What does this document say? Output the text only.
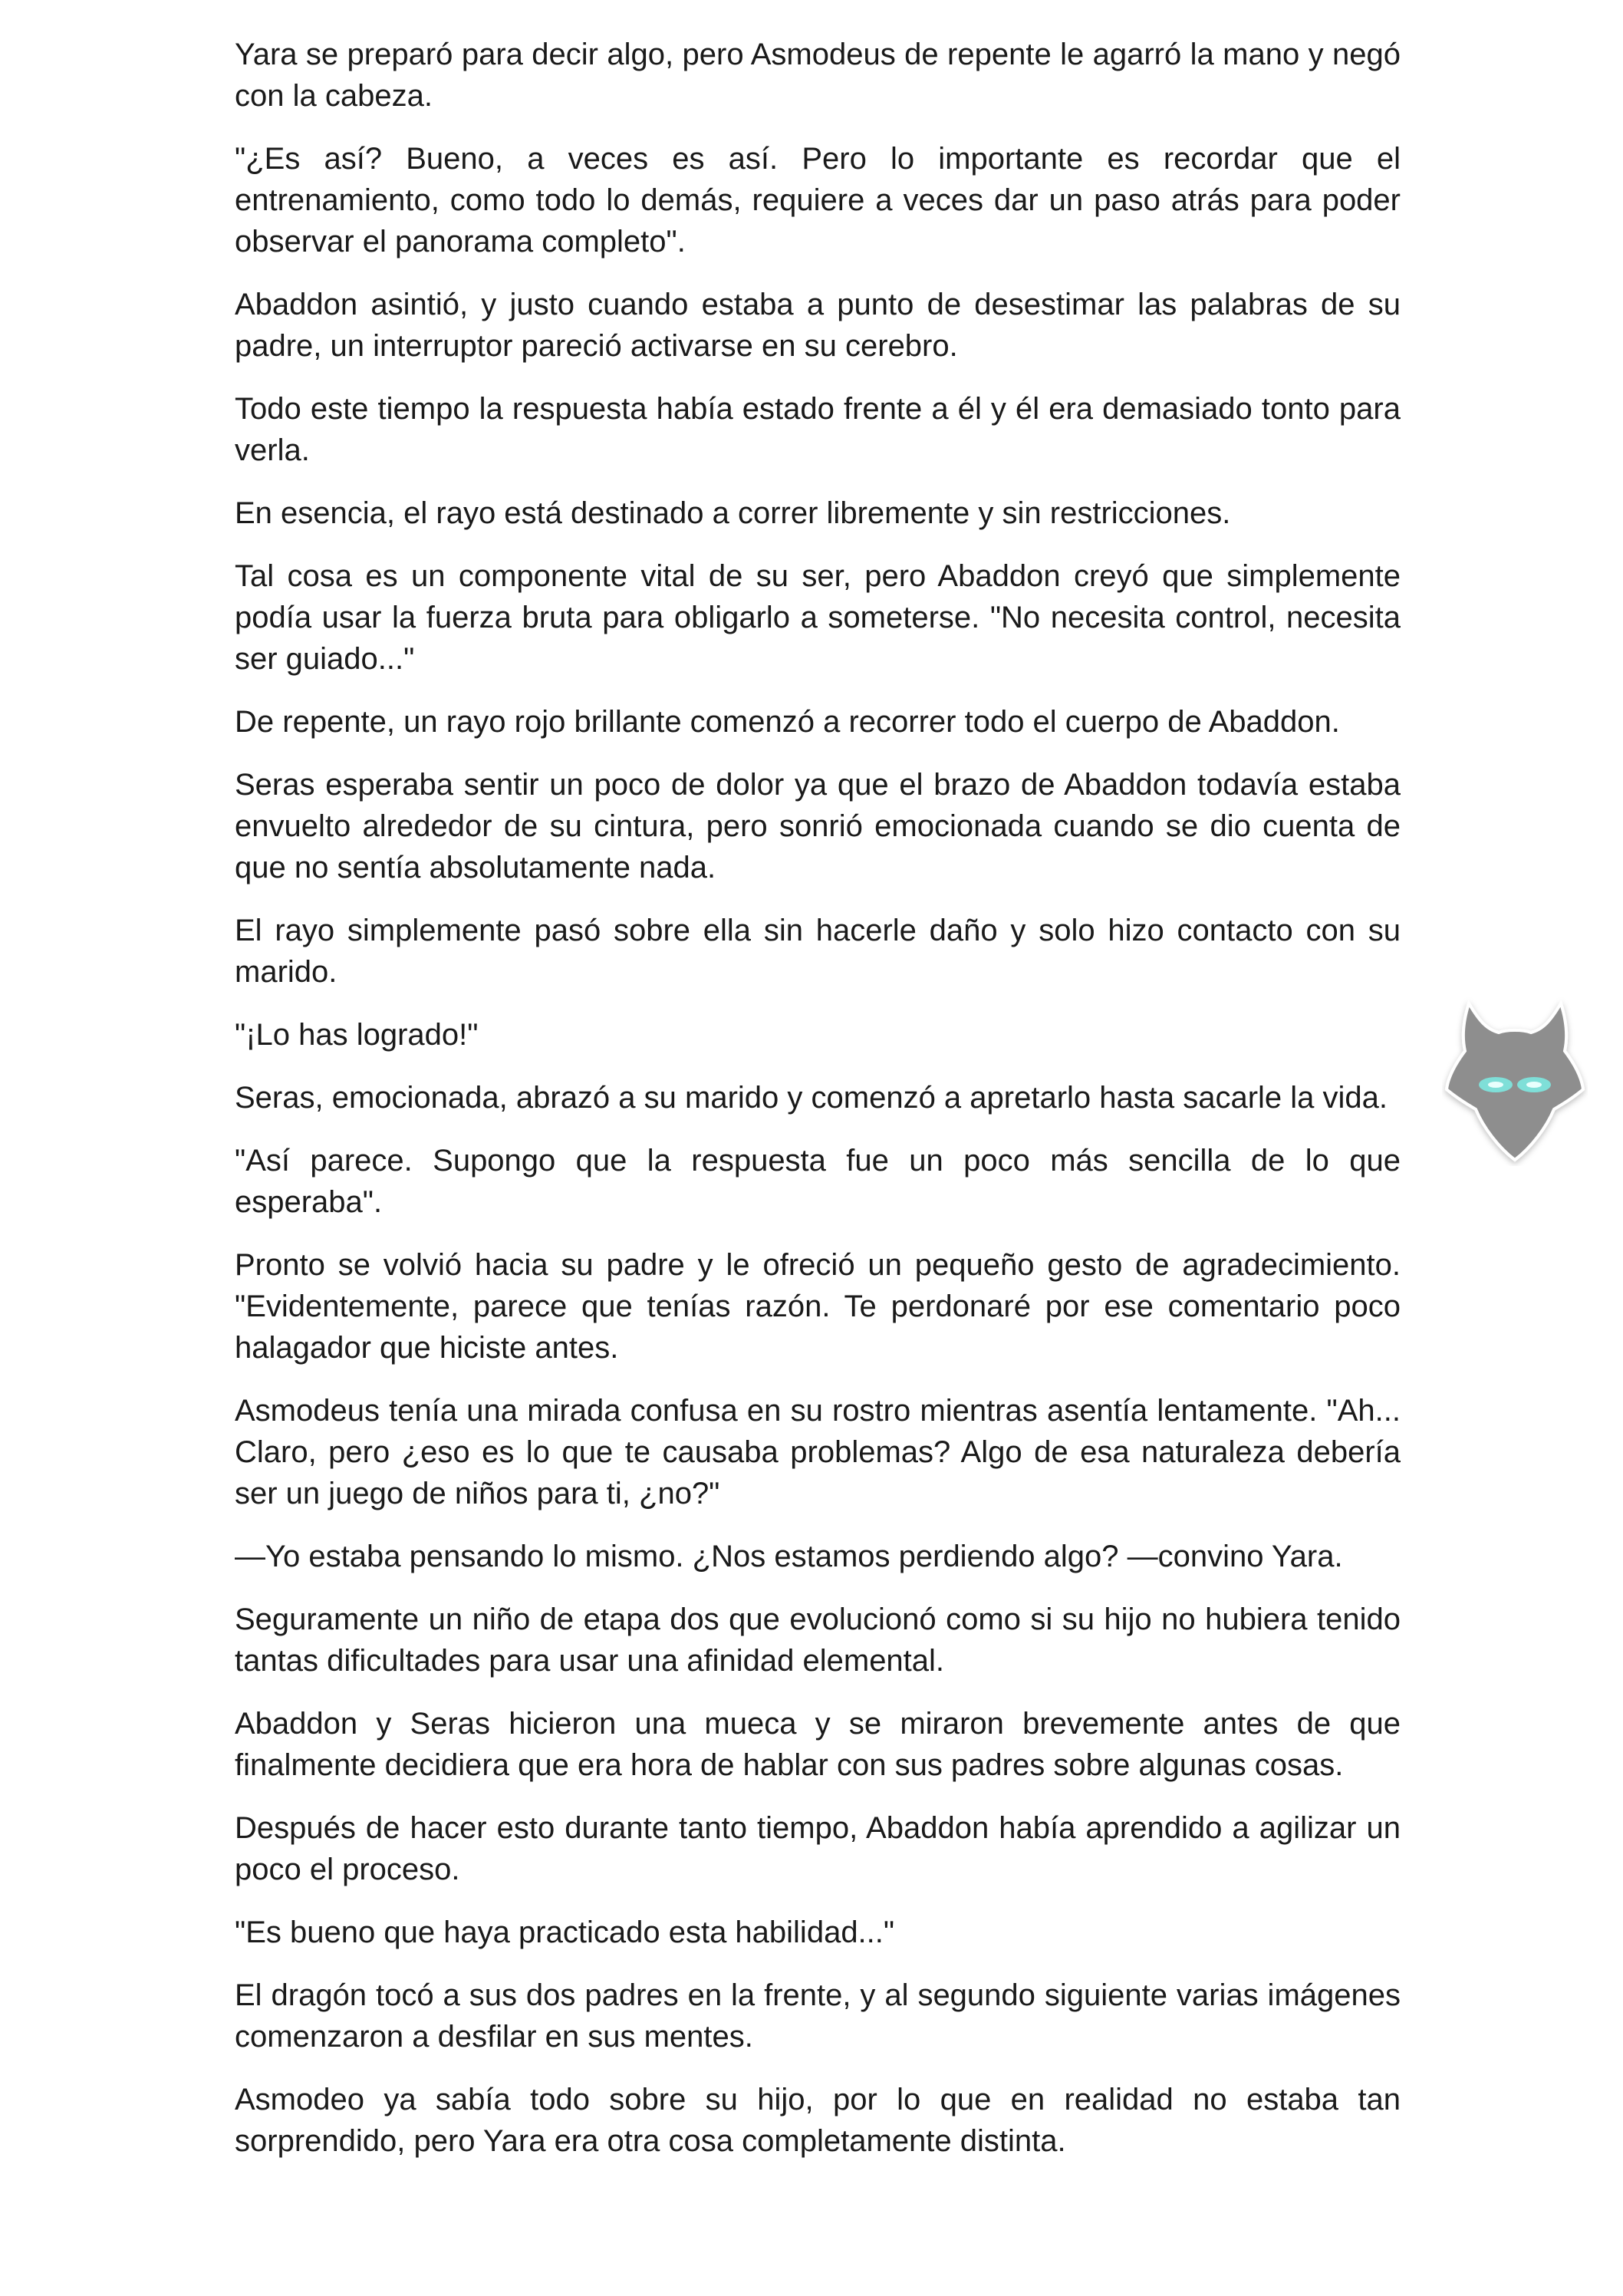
Yara se preparó para decir algo, pero Asmodeus de repente le agarró la mano y negó con la cabeza.

"¿Es así? Bueno, a veces es así. Pero lo importante es recordar que el entrenamiento, como todo lo demás, requiere a veces dar un paso atrás para poder observar el panorama completo".

Abaddon asintió, y justo cuando estaba a punto de desestimar las palabras de su padre, un interruptor pareció activarse en su cerebro.

Todo este tiempo la respuesta había estado frente a él y él era demasiado tonto para verla.

En esencia, el rayo está destinado a correr libremente y sin restricciones.

Tal cosa es un componente vital de su ser, pero Abaddon creyó que simplemente podía usar la fuerza bruta para obligarlo a someterse. "No necesita control, necesita ser guiado..."

De repente, un rayo rojo brillante comenzó a recorrer todo el cuerpo de Abaddon.

Seras esperaba sentir un poco de dolor ya que el brazo de Abaddon todavía estaba envuelto alrededor de su cintura, pero sonrió emocionada cuando se dio cuenta de que no sentía absolutamente nada.

El rayo simplemente pasó sobre ella sin hacerle daño y solo hizo contacto con su marido.

"¡Lo has logrado!"

Seras, emocionada, abrazó a su marido y comenzó a apretarlo hasta sacarle la vida.

"Así parece. Supongo que la respuesta fue un poco más sencilla de lo que esperaba".

Pronto se volvió hacia su padre y le ofreció un pequeño gesto de agradecimiento. "Evidentemente, parece que tenías razón. Te perdonaré por ese comentario poco halagador que hiciste antes.

Asmodeus tenía una mirada confusa en su rostro mientras asentía lentamente. "Ah... Claro, pero ¿eso es lo que te causaba problemas? Algo de esa naturaleza debería ser un juego de niños para ti, ¿no?"

—Yo estaba pensando lo mismo. ¿Nos estamos perdiendo algo? —convino Yara.

Seguramente un niño de etapa dos que evolucionó como si su hijo no hubiera tenido tantas dificultades para usar una afinidad elemental.

Abaddon y Seras hicieron una mueca y se miraron brevemente antes de que finalmente decidiera que era hora de hablar con sus padres sobre algunas cosas.

Después de hacer esto durante tanto tiempo, Abaddon había aprendido a agilizar un poco el proceso.

"Es bueno que haya practicado esta habilidad..."

El dragón tocó a sus dos padres en la frente, y al segundo siguiente varias imágenes comenzaron a desfilar en sus mentes.

Asmodeo ya sabía todo sobre su hijo, por lo que en realidad no estaba tan sorprendido, pero Yara era otra cosa completamente distinta.
